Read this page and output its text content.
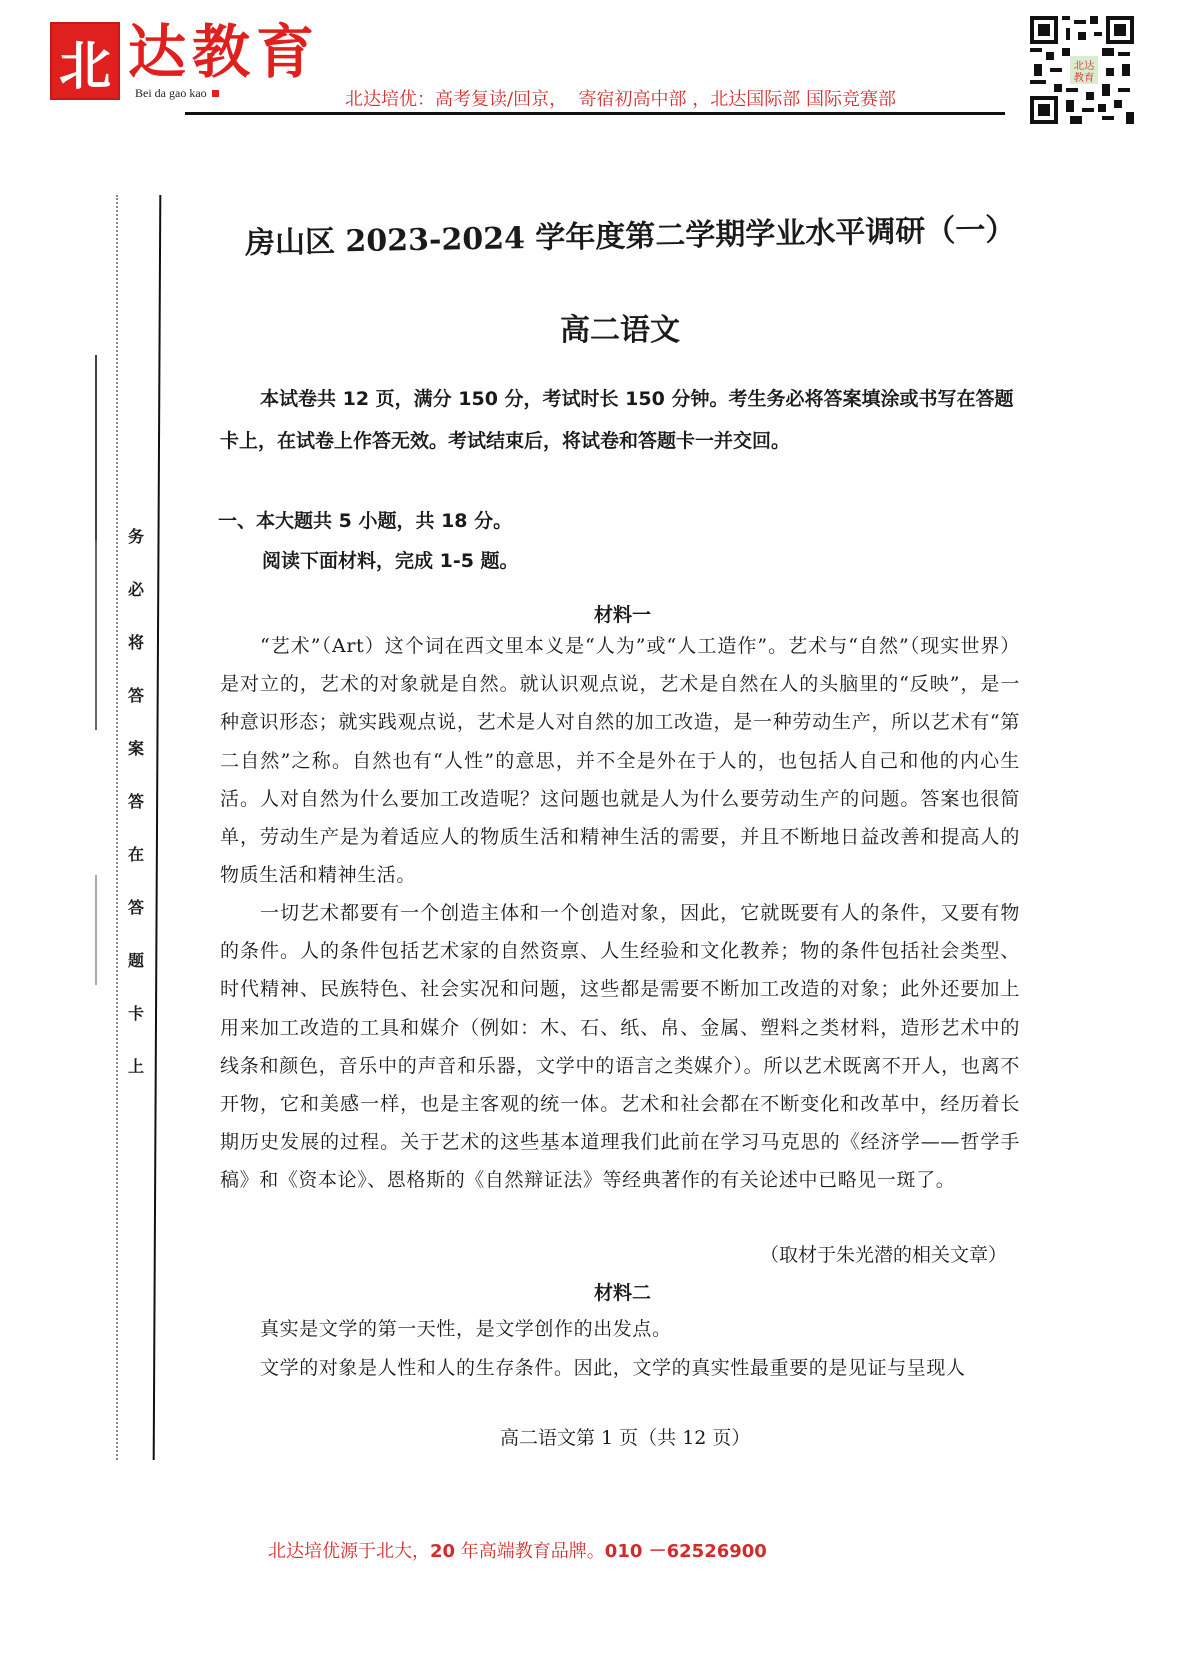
北 达教育
Bei da gao kao	北达培优：高考复读/回京，  寄宿初高中部 ，北达国际部 国际竞赛部
北达
教育
务
必
将
答
案
答
在
答
题
卡
上
房山区 2023-2024 学年度第二学期学业水平调研（一）
高二语文
本试卷共 12 页，满分 150 分，考试时长 150 分钟。考生务必将答案填涂或书写在答题卡上，在试卷上作答无效。考试结束后，将试卷和答题卡一并交回。
一、本大题共 5 小题，共 18 分。
阅读下面材料，完成 1-5 题。
材料一
“艺术”（Art）这个词在西文里本义是“人为”或“人工造作”。艺术与“自然”（现实世界）是对立的，艺术的对象就是自然。就认识观点说，艺术是自然在人的头脑里的“反映”，是一种意识形态；就实践观点说，艺术是人对自然的加工改造，是一种劳动生产，所以艺术有“第二自然”之称。自然也有“人性”的意思，并不全是外在于人的，也包括人自己和他的内心生活。人对自然为什么要加工改造呢？这问题也就是人为什么要劳动生产的问题。答案也很简单，劳动生产是为着适应人的物质生活和精神生活的需要，并且不断地日益改善和提高人的物质生活和精神生活。
一切艺术都要有一个创造主体和一个创造对象，因此，它就既要有人的条件，又要有物的条件。人的条件包括艺术家的自然资禀、人生经验和文化教养；物的条件包括社会类型、时代精神、民族特色、社会实况和问题，这些都是需要不断加工改造的对象；此外还要加上用来加工改造的工具和媒介（例如：木、石、纸、帛、金属、塑料之类材料，造形艺术中的线条和颜色，音乐中的声音和乐器，文学中的语言之类媒介）。所以艺术既离不开人，也离不开物，它和美感一样，也是主客观的统一体。艺术和社会都在不断变化和改革中，经历着长期历史发展的过程。关于艺术的这些基本道理我们此前在学习马克思的《经济学——哲学手稿》和《资本论》、恩格斯的《自然辩证法》等经典著作的有关论述中已略见一斑了。
（取材于朱光潜的相关文章）
材料二
真实是文学的第一天性，是文学创作的出发点。
文学的对象是人性和人的生存条件。因此，文学的真实性最重要的是见证与呈现人
高二语文第 1 页（共 12 页）
北达培优源于北大，20 年高端教育品牌。010 －62526900
